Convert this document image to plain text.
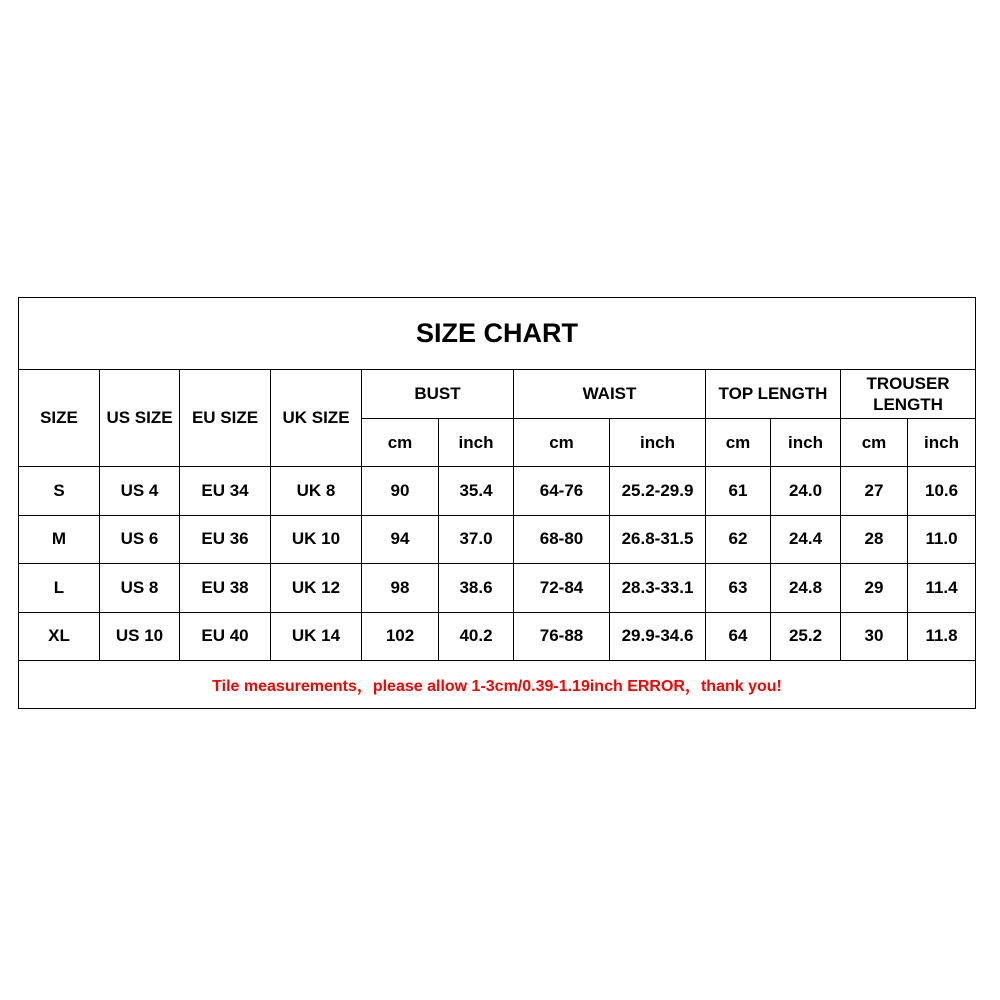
SIZE CHART											
SIZE	US SIZE	EU SIZE	UK SIZE	BUST		WAIST		TOP LENGTH		TROUSER
LENGTH	
				cm	inch	cm	inch	cm	inch	cm	inch
S	US 4	EU 34	UK 8	90	35.4	64-76	25.2-29.9	61	24.0	27	10.6
M	US 6	EU 36	UK 10	94	37.0	68-80	26.8-31.5	62	24.4	28	11.0
L	US 8	EU 38	UK 12	98	38.6	72-84	28.3-33.1	63	24.8	29	11.4
XL	US 10	EU 40	UK 14	102	40.2	76-88	29.9-34.6	64	25.2	30	11.8
Tile measurements，please allow 1-3cm/0.39-1.19inch ERROR，thank you!											
